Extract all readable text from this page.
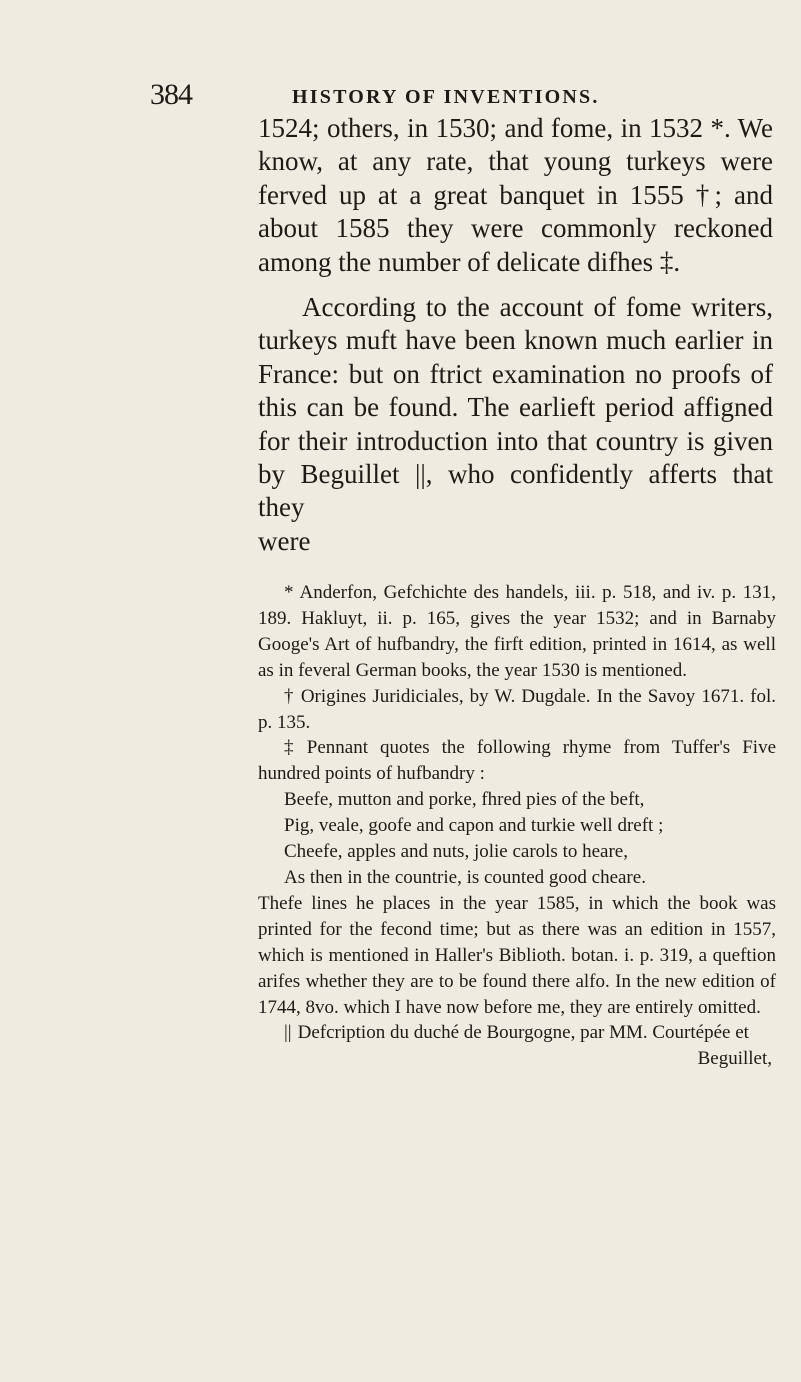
384	HISTORY OF INVENTIONS.

1524; others, in 1530; and fome, in 1532 *. We know, at any rate, that young turkeys were ferved up at a great banquet in 1555 †; and about 1585 they were commonly reckoned among the number of delicate difhes ‡.

According to the account of fome writers, turkeys muft have been known much earlier in France: but on ftrict examination no proofs of this can be found. The earlieft period affigned for their introduction into that country is given by Beguillet ||, who confidently afferts that they

were

* Anderfon, Gefchichte des handels, iii. p. 518, and iv. p. 131, 189. Hakluyt, ii. p. 165, gives the year 1532; and in Barnaby Googe's Art of hufbandry, the firft edition, printed in 1614, as well as in feveral German books, the year 1530 is mentioned.

† Origines Juridiciales, by W. Dugdale. In the Savoy 1671. fol. p. 135.

‡ Pennant quotes the following rhyme from Tuffer's Five hundred points of hufbandry :

Beefe, mutton and porke, fhred pies of the beft,

Pig, veale, goofe and capon and turkie well dreft ;

Cheefe, apples and nuts, jolie carols to heare,

As then in the countrie, is counted good cheare.

Thefe lines he places in the year 1585, in which the book was printed for the fecond time; but as there was an edition in 1557, which is mentioned in Haller's Biblioth. botan. i. p. 319, a queftion arifes whether they are to be found there alfo. In the new edition of 1744, 8vo. which I have now before me, they are entirely omitted.

|| Defcription du duché de Bourgogne, par MM. Courtépée et

Beguillet,
